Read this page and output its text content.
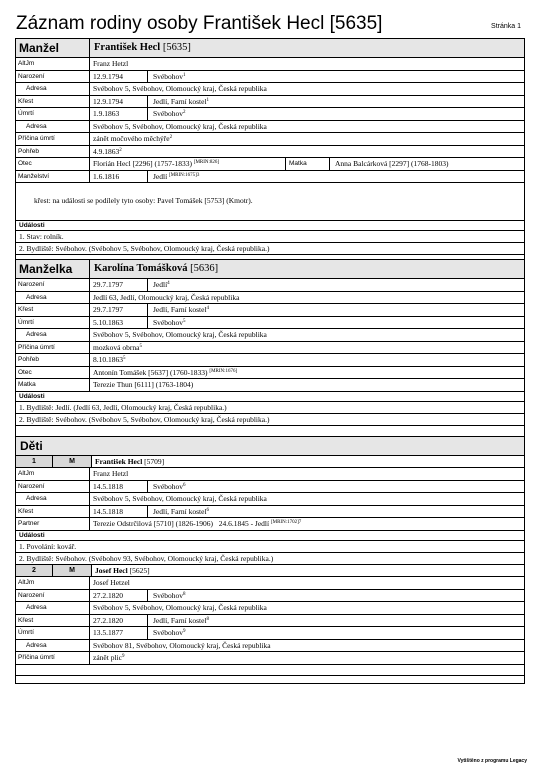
Záznam rodiny osoby František Hecl [5635]	Stránka 1
Manžel	František Hecl [5635]
AltJm	Franz Hetzl
Narození	12.9.1794	Svébohov$^1$
Adresa	Svébohov 5, Svébohov, Olomoucký kraj, Česká republika
Křest	12.9.1794	Jedlí, Farní kostel$^1$
Úmrtí	1.9.1863	Svébohov$^2$
Adresa	Svébohov 5, Svébohov, Olomoucký kraj, Česká republika
Příčina úmrtí	zánět močového měchýře$^2$
Pohřeb	4.9.1863$^2$
Otec	Florián Hecl [2296] (1757-1833) [MRIN:826]	Matka	Anna Balcárková [2297] (1768-1803)
Manželství	1.6.1816	Jedlí $^{[MRIN:1675]3}$
křest: na události se podílely tyto osoby: Pavel Tomášek [5753] (Kmotr).
Události
1. Stav: rolník.
2. Bydliště: Svébohov. (Svébohov 5, Svébohov, Olomoucký kraj, Česká republika.)
Manželka	Karolína Tomášková [5636]
Narození	29.7.1797	Jedlí$^4$
Adresa	Jedlí 63, Jedlí, Olomoucký kraj, Česká republika
Křest	29.7.1797	Jedlí, Farní kostel$^4$
Úmrtí	5.10.1863	Svébohov$^5$
Adresa	Svébohov 5, Svébohov, Olomoucký kraj, Česká republika
Příčina úmrtí	mozková obrna$^5$
Pohřeb	8.10.1863$^5$
Otec	Antonín Tomášek [5637] (1760-1833) [MRIN:1676]
Matka	Terezie Thun [6111] (1763-1804)
Události
1. Bydliště: Jedlí. (Jedlí 63, Jedlí, Olomoucký kraj, Česká republika.)
2. Bydliště: Svébohov. (Svébohov 5, Svébohov, Olomoucký kraj, Česká republika.)
Děti
1	M	František Hecl [5709]
AltJm	Franz Hetzl
Narození	14.5.1818	Svébohov$^6$
Adresa	Svébohov 5, Svébohov, Olomoucký kraj, Česká republika
Křest	14.5.1818	Jedlí, Farní kostel$^6$
Partner	Terezie Odstrčilová [5710] (1826-1906) 24.6.1845 - Jedlí $^{[MRIN:1702]7}$
Události
1. Povolání: kovář.
2. Bydliště: Svébohov. (Svébohov 93, Svébohov, Olomoucký kraj, Česká republika.)
2	M	Josef Hecl [5625]
AltJm	Josef Hetzel
Narození	27.2.1820	Svébohov$^8$
Adresa	Svébohov 5, Svébohov, Olomoucký kraj, Česká republika
Křest	27.2.1820	Jedlí, Farní kostel$^8$
Úmrtí	13.5.1877	Svébohov$^9$
Adresa	Svébohov 81, Svébohov, Olomoucký kraj, Česká republika
Příčina úmrtí	zánět plic$^9$
Vytištěno z programu Legacy
